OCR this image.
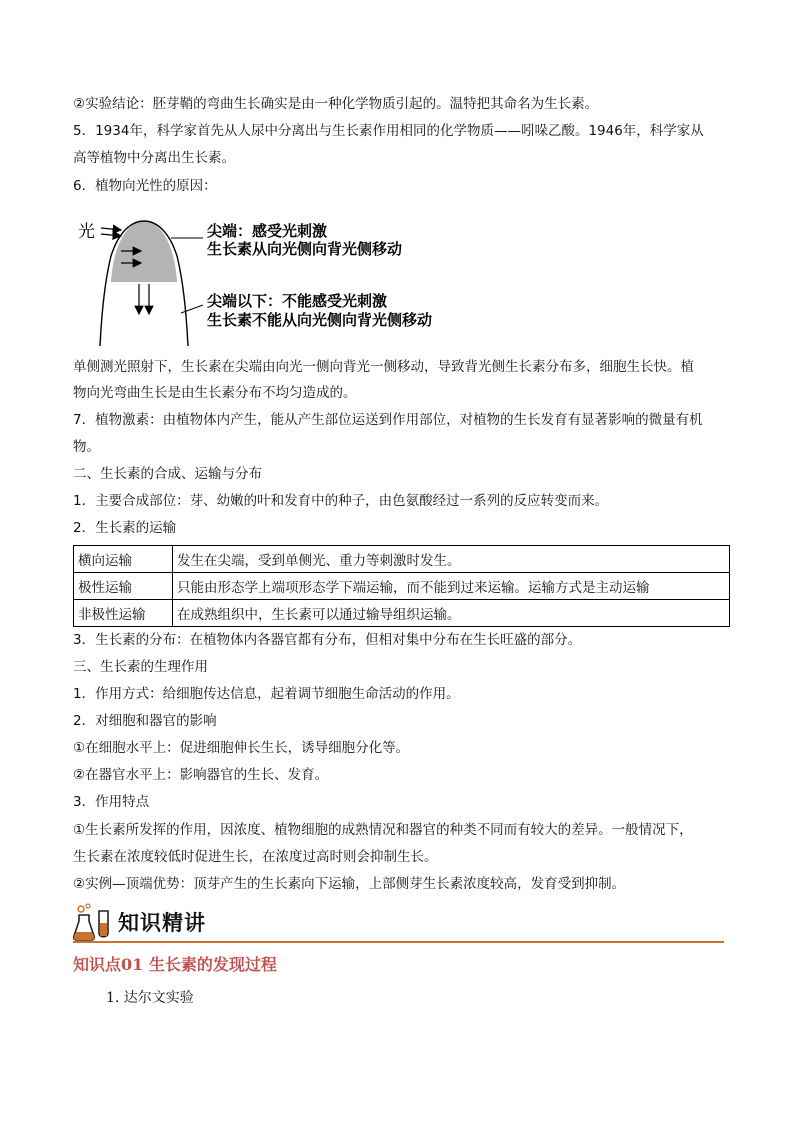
②实验结论：胚芽鞘的弯曲生长确实是由一种化学物质引起的。温特把其命名为生长素。
5．1934年，科学家首先从人尿中分离出与生长素作用相同的化学物质——吲哚乙酸。1946年，科学家从
高等植物中分离出生长素。
6．植物向光性的原因：
光	尖端：感受光刺激
生长素从向光侧向背光侧移动
尖端以下：不能感受光刺激
生长素不能从向光侧向背光侧移动
单侧测光照射下，生长素在尖端由向光一侧向背光一侧移动，导致背光侧生长素分布多，细胞生长快。植
物向光弯曲生长是由生长素分布不均匀造成的。
7．植物激素：由植物体内产生，能从产生部位运送到作用部位，对植物的生长发育有显著影响的微量有机
物。
二、生长素的合成、运输与分布
1．主要合成部位：芽、幼嫩的叶和发育中的种子，由色氨酸经过一系列的反应转变而来。
2．生长素的运输
横向运输	发生在尖端，受到单侧光、重力等刺激时发生。
极性运输	只能由形态学上端项形态学下端运输，而不能到过来运输。运输方式是主动运输
非极性运输	在成熟组织中，生长素可以通过输导组织运输。
3．生长素的分布：在植物体内各器官都有分布，但相对集中分布在生长旺盛的部分。
三、生长素的生理作用
1．作用方式：给细胞传达信息，起着调节细胞生命活动的作用。
2．对细胞和器官的影响
①在细胞水平上：促进细胞伸长生长，诱导细胞分化等。
②在器官水平上：影响器官的生长、发育。
3．作用特点
①生长素所发挥的作用，因浓度、植物细胞的成熟情况和器官的种类不同而有较大的差异。一般情况下，
生长素在浓度较低时促进生长，在浓度过高时则会抑制生长。
②实例—顶端优势：顶芽产生的生长素向下运输，上部侧芽生长素浓度较高，发育受到抑制。
知识精讲
知识点01 生长素的发现过程
1. 达尔文实验
